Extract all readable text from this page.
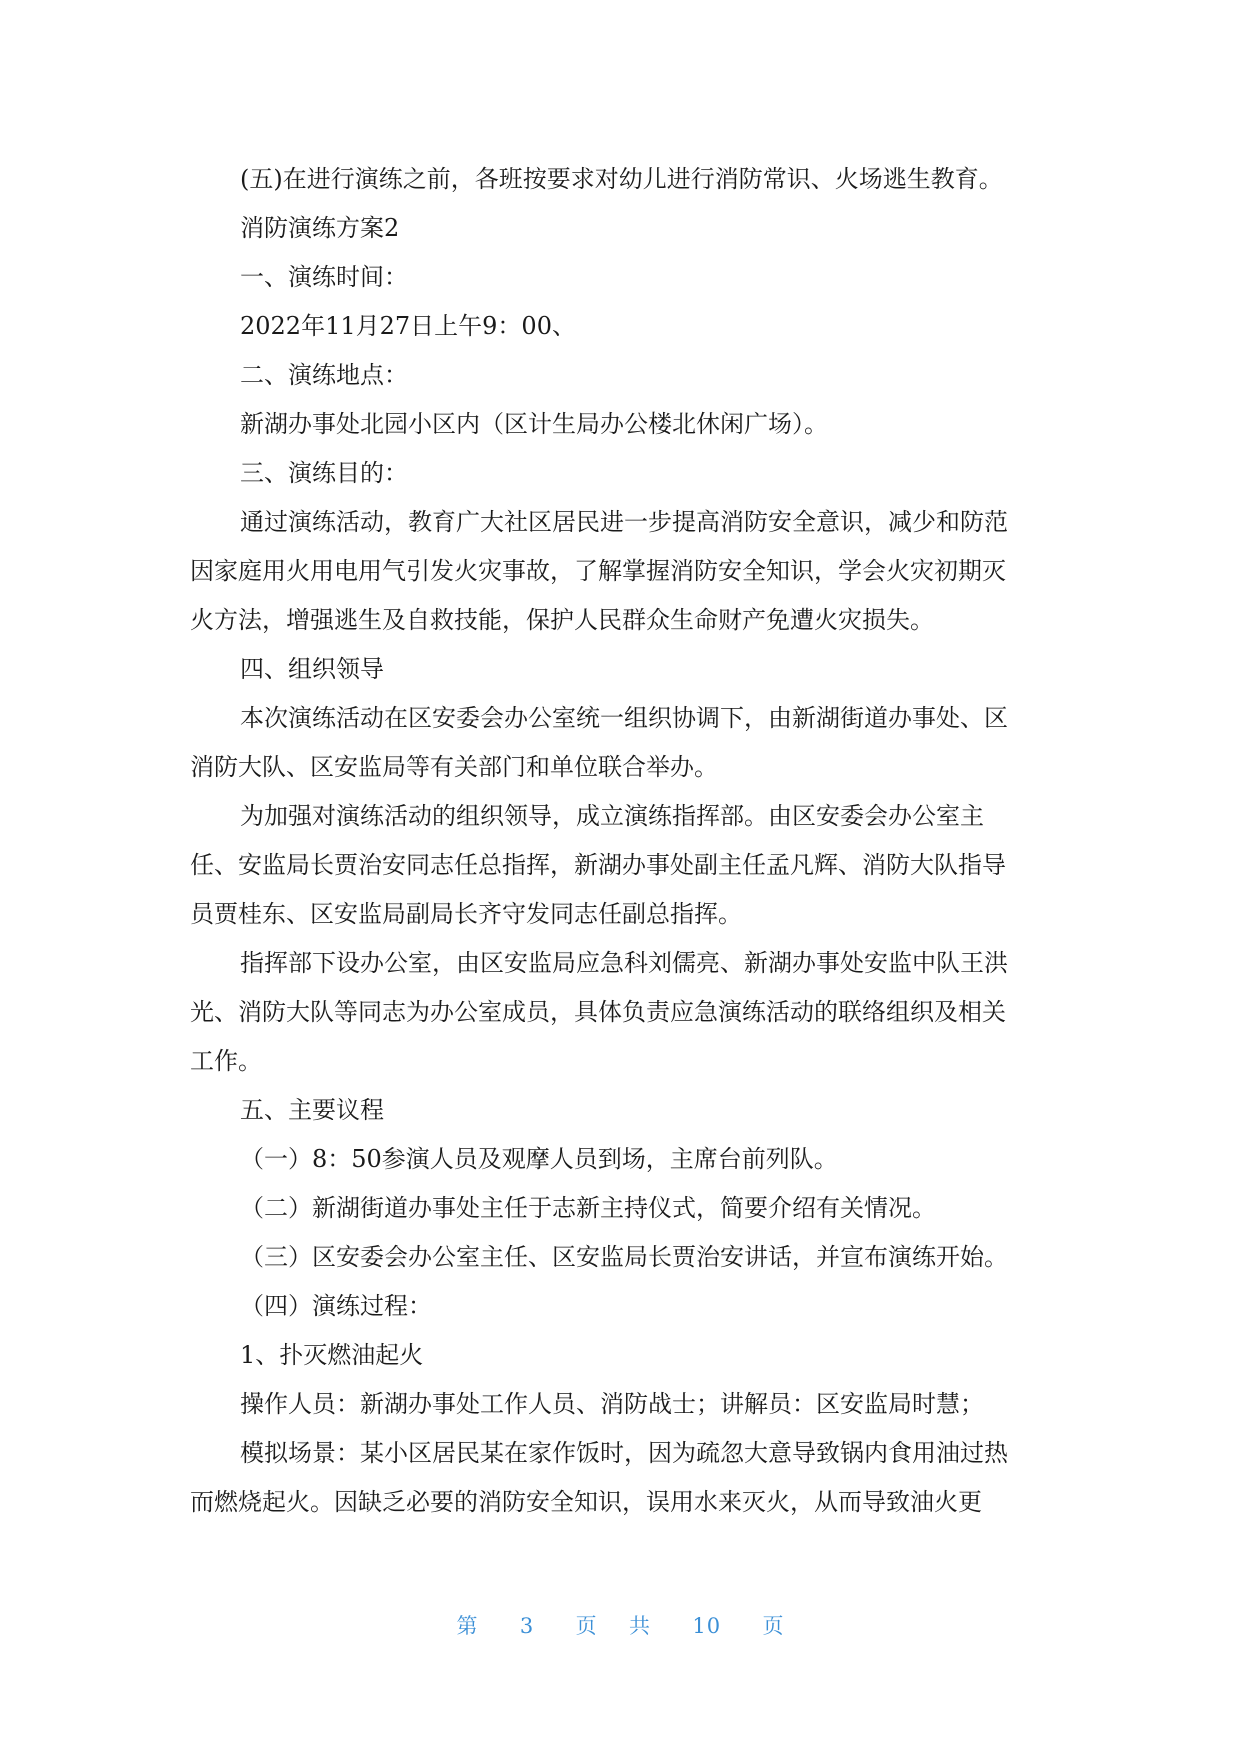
(五)在进行演练之前，各班按要求对幼儿进行消防常识、火场逃生教育。
消防演练方案2
一、演练时间：
2022年11月27日上午9：00、
二、演练地点：
新湖办事处北园小区内（区计生局办公楼北休闲广场）。
三、演练目的：
通过演练活动，教育广大社区居民进一步提高消防安全意识，减少和防范
因家庭用火用电用气引发火灾事故，了解掌握消防安全知识，学会火灾初期灭
火方法，增强逃生及自救技能，保护人民群众生命财产免遭火灾损失。
四、组织领导
本次演练活动在区安委会办公室统一组织协调下，由新湖街道办事处、区
消防大队、区安监局等有关部门和单位联合举办。
为加强对演练活动的组织领导，成立演练指挥部。由区安委会办公室主
任、安监局长贾治安同志任总指挥，新湖办事处副主任孟凡辉、消防大队指导
员贾桂东、区安监局副局长齐守发同志任副总指挥。
指挥部下设办公室，由区安监局应急科刘儒亮、新湖办事处安监中队王洪
光、消防大队等同志为办公室成员，具体负责应急演练活动的联络组织及相关
工作。
五、主要议程
（一）8：50参演人员及观摩人员到场，主席台前列队。
（二）新湖街道办事处主任于志新主持仪式，简要介绍有关情况。
（三）区安委会办公室主任、区安监局长贾治安讲话，并宣布演练开始。
（四）演练过程：
1、扑灭燃油起火
操作人员：新湖办事处工作人员、消防战士；讲解员：区安监局时慧；
模拟场景：某小区居民某在家作饭时，因为疏忽大意导致锅内食用油过热
而燃烧起火。因缺乏必要的消防安全知识，误用水来灭火，从而导致油火更
第 3 页 共 10 页
